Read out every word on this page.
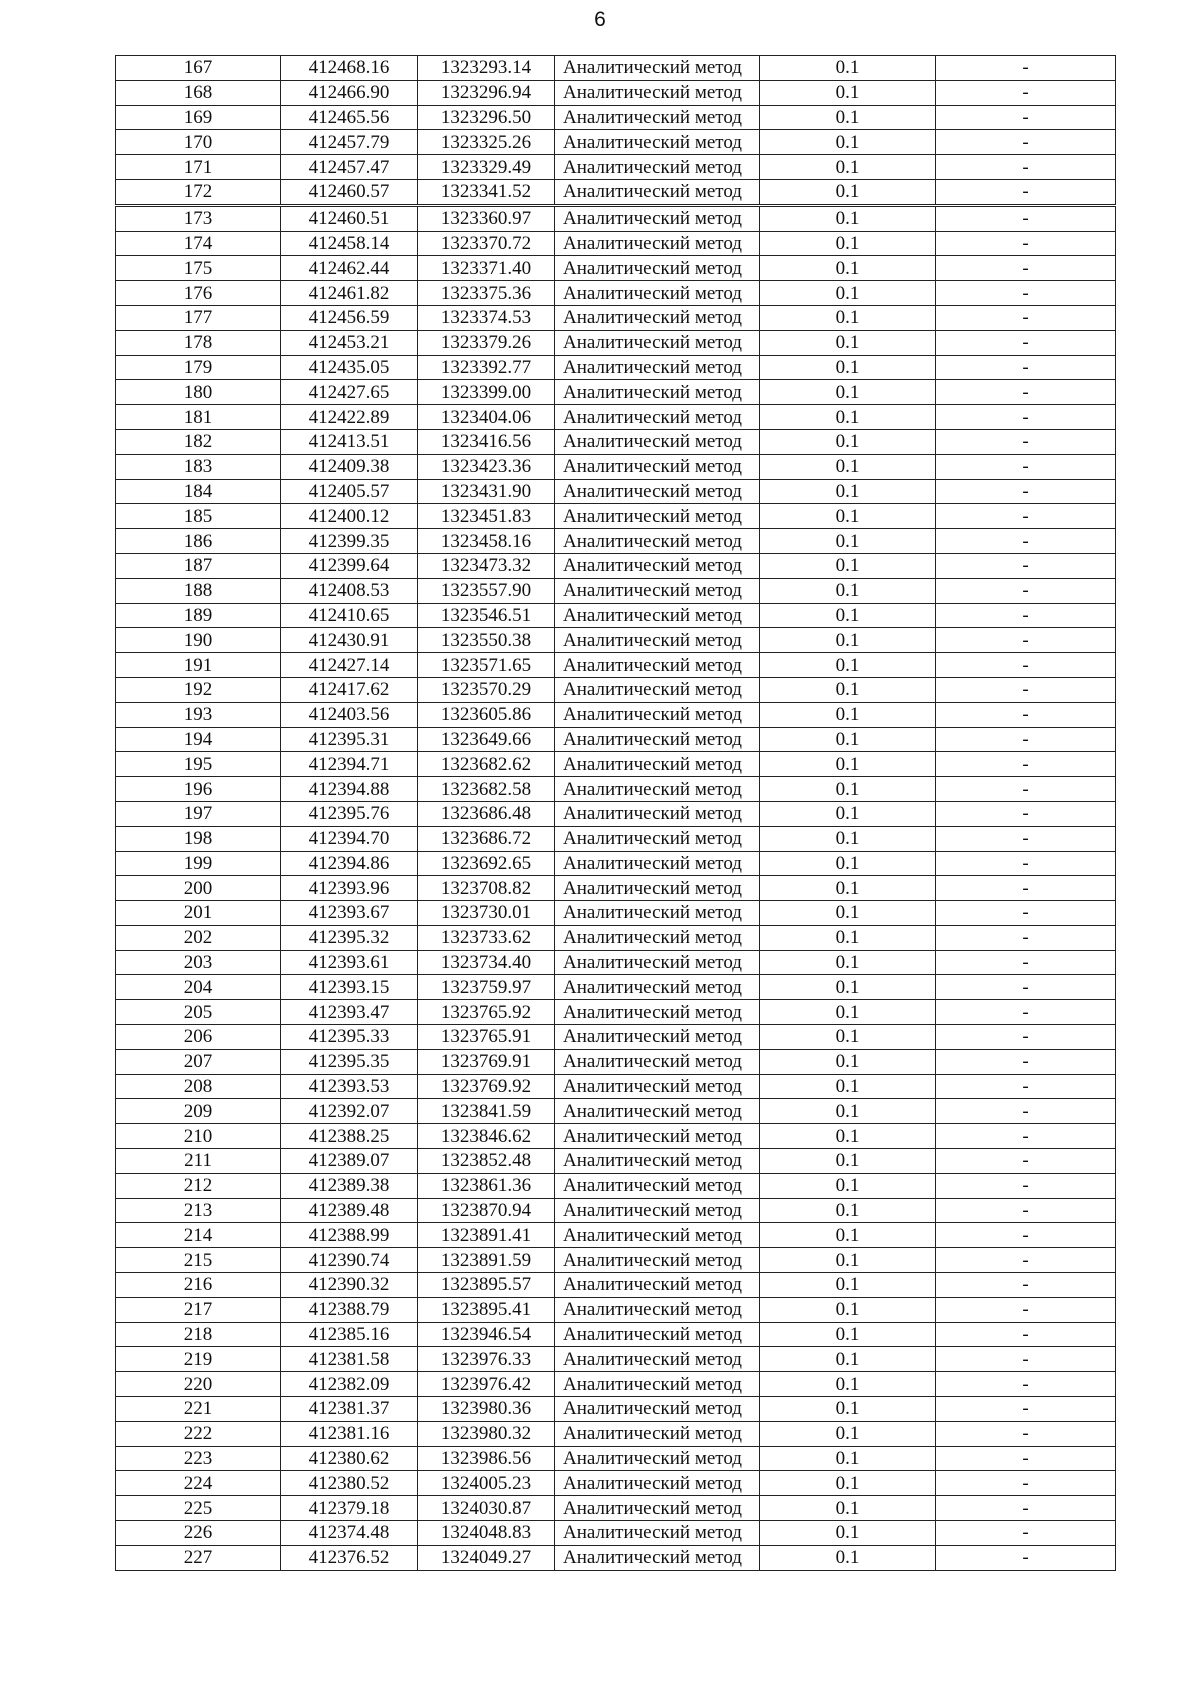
6
167	412468.16	1323293.14	Аналитический метод	0.1	-
168	412466.90	1323296.94	Аналитический метод	0.1	-
169	412465.56	1323296.50	Аналитический метод	0.1	-
170	412457.79	1323325.26	Аналитический метод	0.1	-
171	412457.47	1323329.49	Аналитический метод	0.1	-
172	412460.57	1323341.52	Аналитический метод	0.1	-
173	412460.51	1323360.97	Аналитический метод	0.1	-
174	412458.14	1323370.72	Аналитический метод	0.1	-
175	412462.44	1323371.40	Аналитический метод	0.1	-
176	412461.82	1323375.36	Аналитический метод	0.1	-
177	412456.59	1323374.53	Аналитический метод	0.1	-
178	412453.21	1323379.26	Аналитический метод	0.1	-
179	412435.05	1323392.77	Аналитический метод	0.1	-
180	412427.65	1323399.00	Аналитический метод	0.1	-
181	412422.89	1323404.06	Аналитический метод	0.1	-
182	412413.51	1323416.56	Аналитический метод	0.1	-
183	412409.38	1323423.36	Аналитический метод	0.1	-
184	412405.57	1323431.90	Аналитический метод	0.1	-
185	412400.12	1323451.83	Аналитический метод	0.1	-
186	412399.35	1323458.16	Аналитический метод	0.1	-
187	412399.64	1323473.32	Аналитический метод	0.1	-
188	412408.53	1323557.90	Аналитический метод	0.1	-
189	412410.65	1323546.51	Аналитический метод	0.1	-
190	412430.91	1323550.38	Аналитический метод	0.1	-
191	412427.14	1323571.65	Аналитический метод	0.1	-
192	412417.62	1323570.29	Аналитический метод	0.1	-
193	412403.56	1323605.86	Аналитический метод	0.1	-
194	412395.31	1323649.66	Аналитический метод	0.1	-
195	412394.71	1323682.62	Аналитический метод	0.1	-
196	412394.88	1323682.58	Аналитический метод	0.1	-
197	412395.76	1323686.48	Аналитический метод	0.1	-
198	412394.70	1323686.72	Аналитический метод	0.1	-
199	412394.86	1323692.65	Аналитический метод	0.1	-
200	412393.96	1323708.82	Аналитический метод	0.1	-
201	412393.67	1323730.01	Аналитический метод	0.1	-
202	412395.32	1323733.62	Аналитический метод	0.1	-
203	412393.61	1323734.40	Аналитический метод	0.1	-
204	412393.15	1323759.97	Аналитический метод	0.1	-
205	412393.47	1323765.92	Аналитический метод	0.1	-
206	412395.33	1323765.91	Аналитический метод	0.1	-
207	412395.35	1323769.91	Аналитический метод	0.1	-
208	412393.53	1323769.92	Аналитический метод	0.1	-
209	412392.07	1323841.59	Аналитический метод	0.1	-
210	412388.25	1323846.62	Аналитический метод	0.1	-
211	412389.07	1323852.48	Аналитический метод	0.1	-
212	412389.38	1323861.36	Аналитический метод	0.1	-
213	412389.48	1323870.94	Аналитический метод	0.1	-
214	412388.99	1323891.41	Аналитический метод	0.1	-
215	412390.74	1323891.59	Аналитический метод	0.1	-
216	412390.32	1323895.57	Аналитический метод	0.1	-
217	412388.79	1323895.41	Аналитический метод	0.1	-
218	412385.16	1323946.54	Аналитический метод	0.1	-
219	412381.58	1323976.33	Аналитический метод	0.1	-
220	412382.09	1323976.42	Аналитический метод	0.1	-
221	412381.37	1323980.36	Аналитический метод	0.1	-
222	412381.16	1323980.32	Аналитический метод	0.1	-
223	412380.62	1323986.56	Аналитический метод	0.1	-
224	412380.52	1324005.23	Аналитический метод	0.1	-
225	412379.18	1324030.87	Аналитический метод	0.1	-
226	412374.48	1324048.83	Аналитический метод	0.1	-
227	412376.52	1324049.27	Аналитический метод	0.1	-
